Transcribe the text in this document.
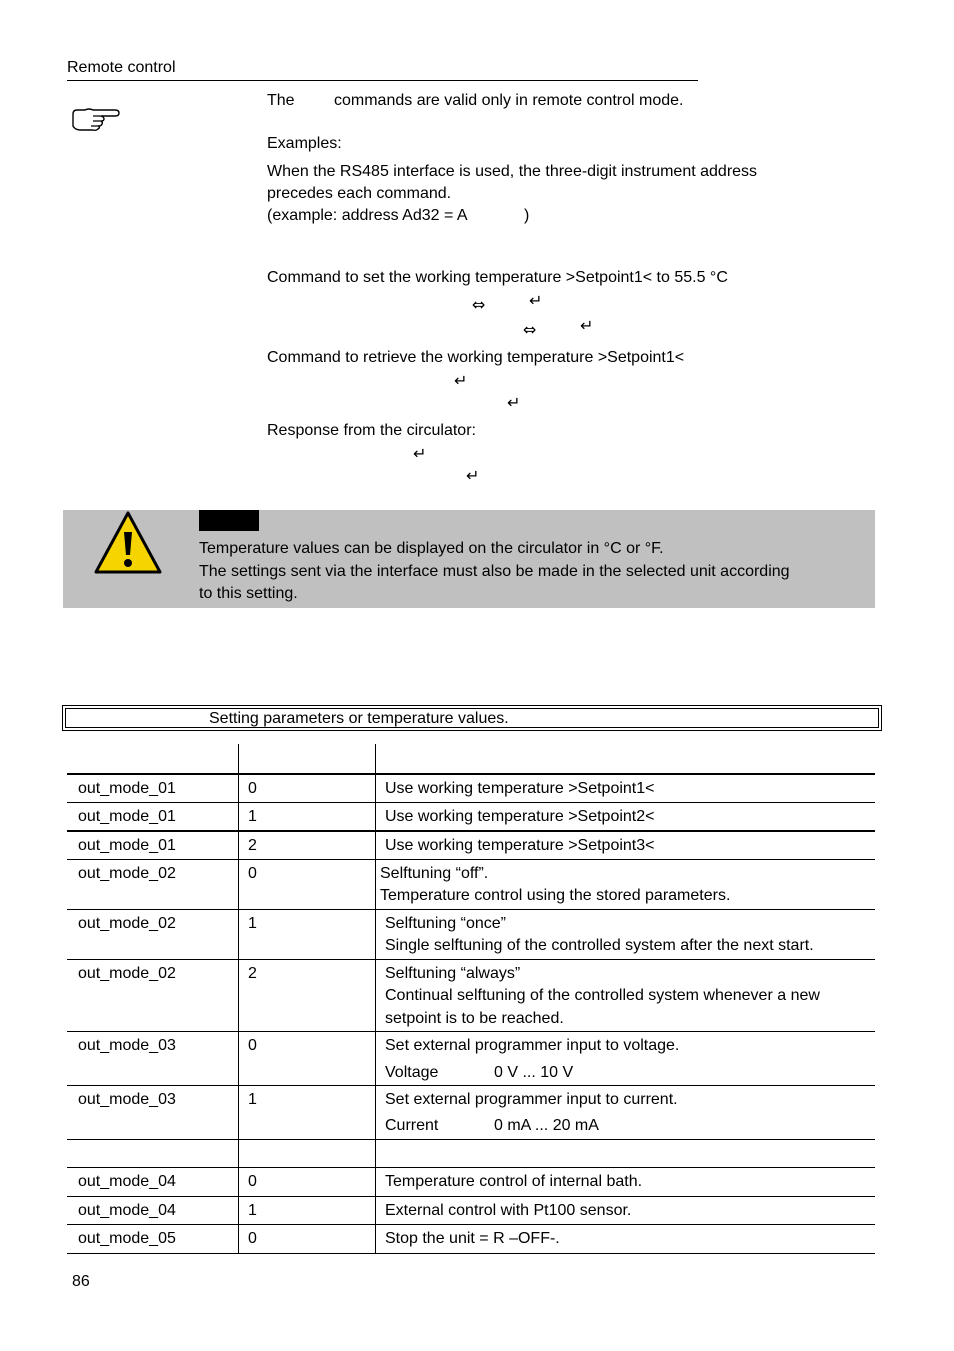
Remote control
The commands are valid only in remote control mode.
Examples:
When the RS485 interface is used, the three-digit instrument address
precedes each command.
(example: address Ad32 = A	)
Command to set the working temperature >Setpoint1< to 55.5 °C
⇔	↵
⇔	↵
Command to retrieve the working temperature >Setpoint1<
↵
↵
Response from the circulator:
↵
↵
Temperature values can be displayed on the circulator in °C or °F.
The settings sent via the interface must also be made in the selected unit according
to this setting.
Setting parameters or temperature values.
out_mode_01	0	Use working temperature >Setpoint1<
out_mode_01	1	Use working temperature >Setpoint2<
out_mode_01	2	Use working temperature >Setpoint3<
out_mode_02	0	Selftuning “off”.
Temperature control using the stored parameters.
out_mode_02	1	Selftuning “once”
Single selftuning of the controlled system after the next start.
out_mode_02	2	Selftuning “always”
Continual selftuning of the controlled system whenever a new
setpoint is to be reached.
out_mode_03	0	Set external programmer input to voltage.
Voltage	0 V ... 10 V
out_mode_03	1	Set external programmer input to current.
Current	0 mA ... 20 mA
out_mode_04	0	Temperature control of internal bath.
out_mode_04	1	External control with Pt100 sensor.
out_mode_05	0	Stop the unit = R –OFF-.
86
